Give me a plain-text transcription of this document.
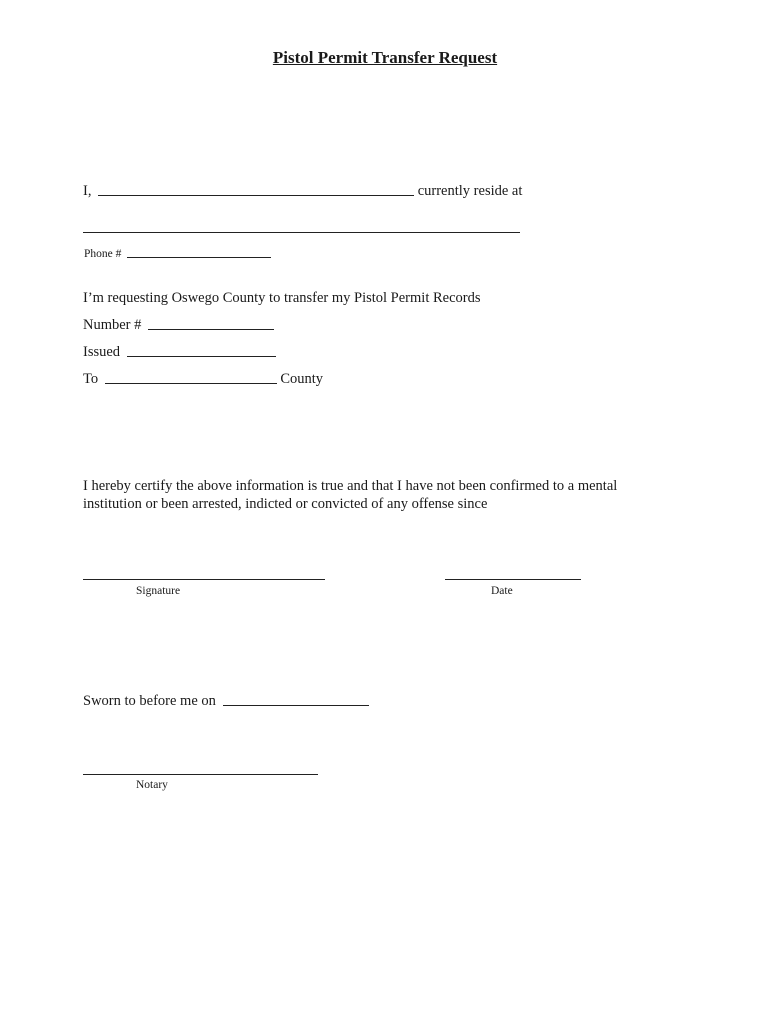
Pistol Permit Transfer Request
I,	currently reside at
Phone #
I’m requesting Oswego County to transfer my Pistol Permit Records
Number #
Issued
To	County
I hereby certify the above information is true and that I have not been confirmed to a mental
institution or been arrested, indicted or convicted of any offense since
Signature	Date
Sworn to before me on
Notary
